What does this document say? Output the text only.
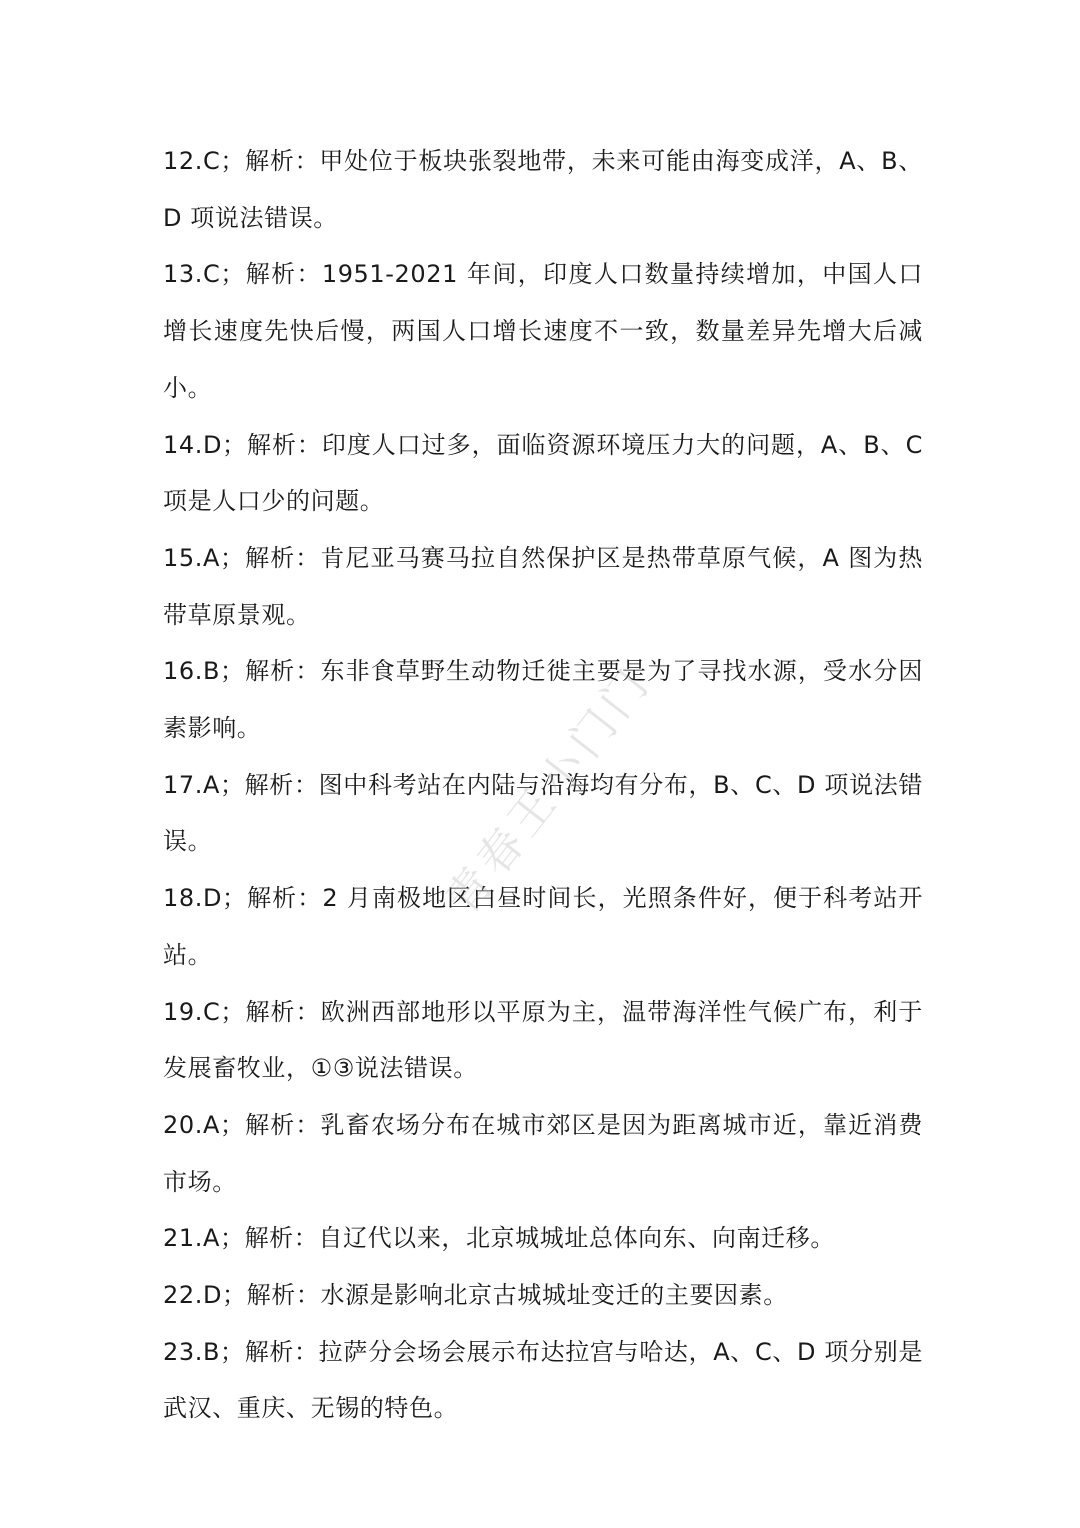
12.C；解析：甲处位于板块张裂地带，未来可能由海变成洋，A、B、D 项说法错误。

13.C；解析：1951-2021 年间，印度人口数量持续增加，中国人口增长速度先快后慢，两国人口增长速度不一致，数量差异先增大后减小。

14.D；解析：印度人口过多，面临资源环境压力大的问题，A、B、C 项是人口少的问题。

15.A；解析：肯尼亚马赛马拉自然保护区是热带草原气候，A 图为热带草原景观。

16.B；解析：东非食草野生动物迁徙主要是为了寻找水源，受水分因素影响。

17.A；解析：图中科考站在内陆与沿海均有分布，B、C、D 项说法错误。

18.D；解析：2 月南极地区白昼时间长，光照条件好，便于科考站开站。

19.C；解析：欧洲西部地形以平原为主，温带海洋性气候广布，利于发展畜牧业，①③说法错误。

20.A；解析：乳畜农场分布在城市郊区是因为距离城市近，靠近消费市场。

21.A；解析：自辽代以来，北京城城址总体向东、向南迁移。

22.D；解析：水源是影响北京古城城址变迁的主要因素。

23.B；解析：拉萨分会场会展示布达拉宫与哈达，A、C、D 项分别是武汉、重庆、无锡的特色。

青春王小门门
